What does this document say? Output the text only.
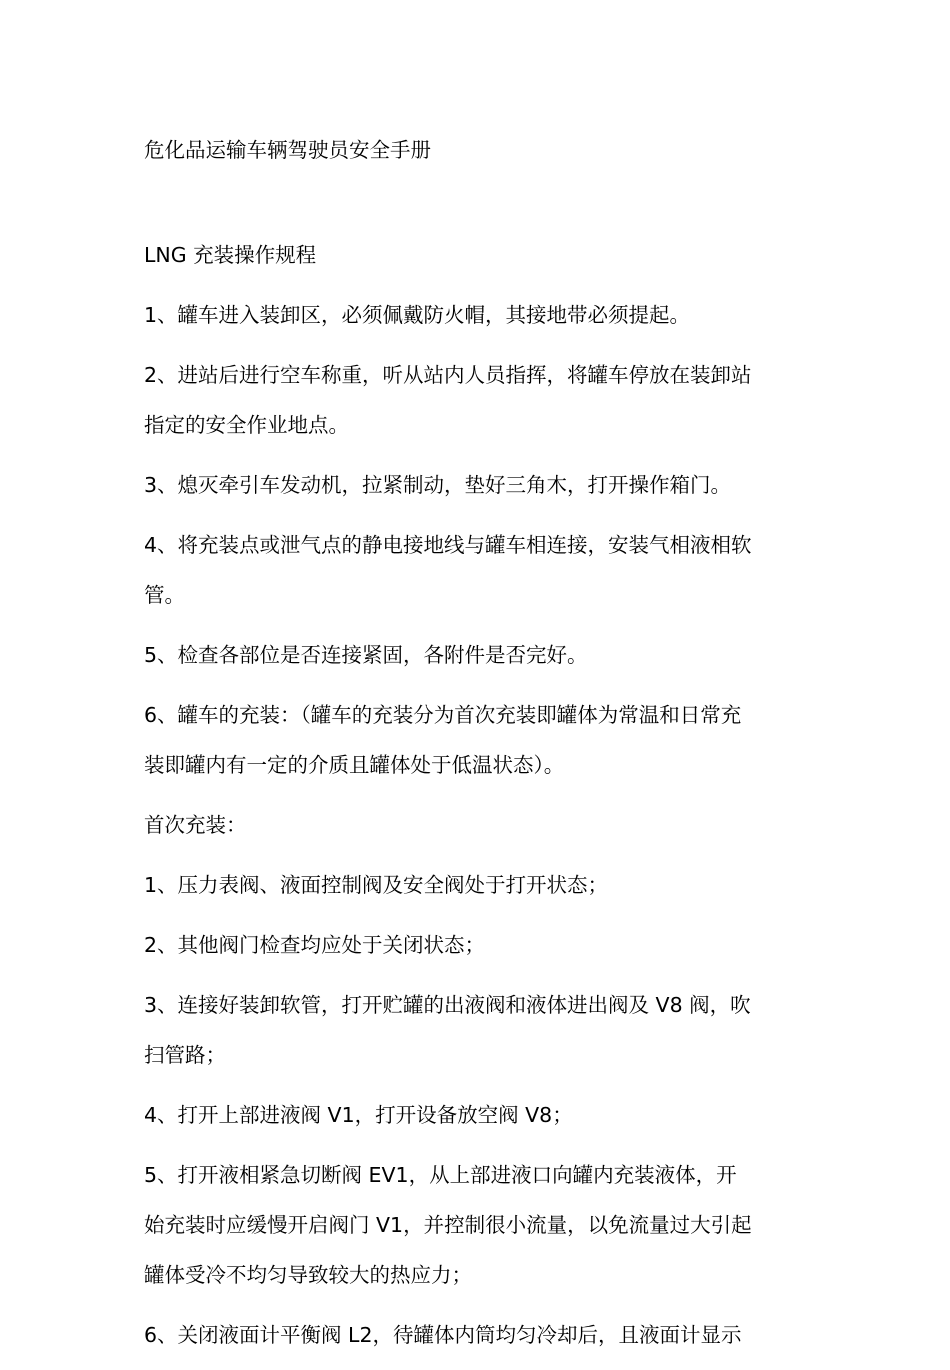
危化品运输车辆驾驶员安全手册

LNG 充装操作规程

1、罐车进入装卸区，必须佩戴防火帽，其接地带必须提起。

2、进站后进行空车称重，听从站内人员指挥，将罐车停放在装卸站
指定的安全作业地点。

3、熄灭牵引车发动机，拉紧制动，垫好三角木，打开操作箱门。

4、将充装点或泄气点的静电接地线与罐车相连接，安装气相液相软
管。

5、检查各部位是否连接紧固，各附件是否完好。

6、罐车的充装：（罐车的充装分为首次充装即罐体为常温和日常充
装即罐内有一定的介质且罐体处于低温状态）。

首次充装：

1、压力表阀、液面控制阀及安全阀处于打开状态；

2、其他阀门检查均应处于关闭状态；

3、连接好装卸软管，打开贮罐的出液阀和液体进出阀及 V8 阀，吹
扫管路；

4、打开上部进液阀 V1，打开设备放空阀 V8；

5、打开液相紧急切断阀 EV1，从上部进液口向罐内充装液体，开
始充装时应缓慢开启阀门 V1，并控制很小流量，以免流量过大引起
罐体受冷不均匀导致较大的热应力；

6、关闭液面计平衡阀 L2，待罐体内筒均匀冷却后，且液面计显示
